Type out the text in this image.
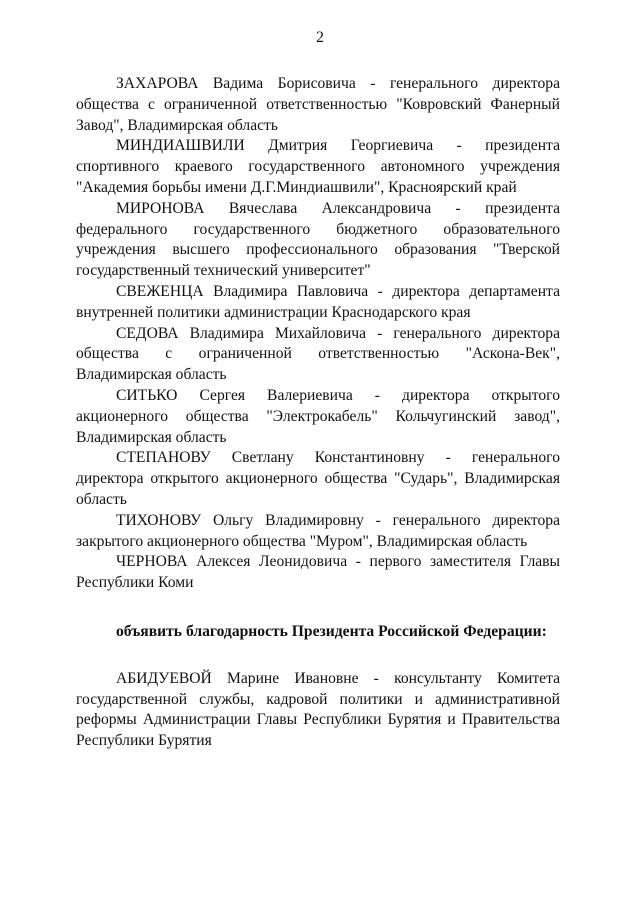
2

ЗАХАРОВА Вадима Борисовича - генерального директора общества с ограниченной ответственностью "Ковровский Фанерный Завод", Владимирская область

МИНДИАШВИЛИ Дмитрия Георгиевича - президента спортивного краевого государственного автономного учреждения "Академия борьбы имени Д.Г.Миндиашвили", Красноярский край

МИРОНОВА Вячеслава Александровича - президента федерального государственного бюджетного образовательного учреждения высшего профессионального образования "Тверской государственный технический университет"

СВЕЖЕНЦА Владимира Павловича - директора департамента внутренней политики администрации Краснодарского края

СЕДОВА Владимира Михайловича - генерального директора общества с ограниченной ответственностью "Аскона-Век", Владимирская область

СИТЬКО Сергея Валериевича - директора открытого акционерного общества "Электрокабель" Кольчугинский завод", Владимирская область

СТЕПАНОВУ Светлану Константиновну - генерального директора открытого акционерного общества "Сударь", Владимирская область

ТИХОНОВУ Ольгу Владимировну - генерального директора закрытого акционерного общества "Муром", Владимирская область

ЧЕРНОВА Алексея Леонидовича - первого заместителя Главы Республики Коми

объявить благодарность Президента Российской Федерации:

АБИДУЕВОЙ Марине Ивановне - консультанту Комитета государственной службы, кадровой политики и административной реформы Администрации Главы Республики Бурятия и Правительства Республики Бурятия
